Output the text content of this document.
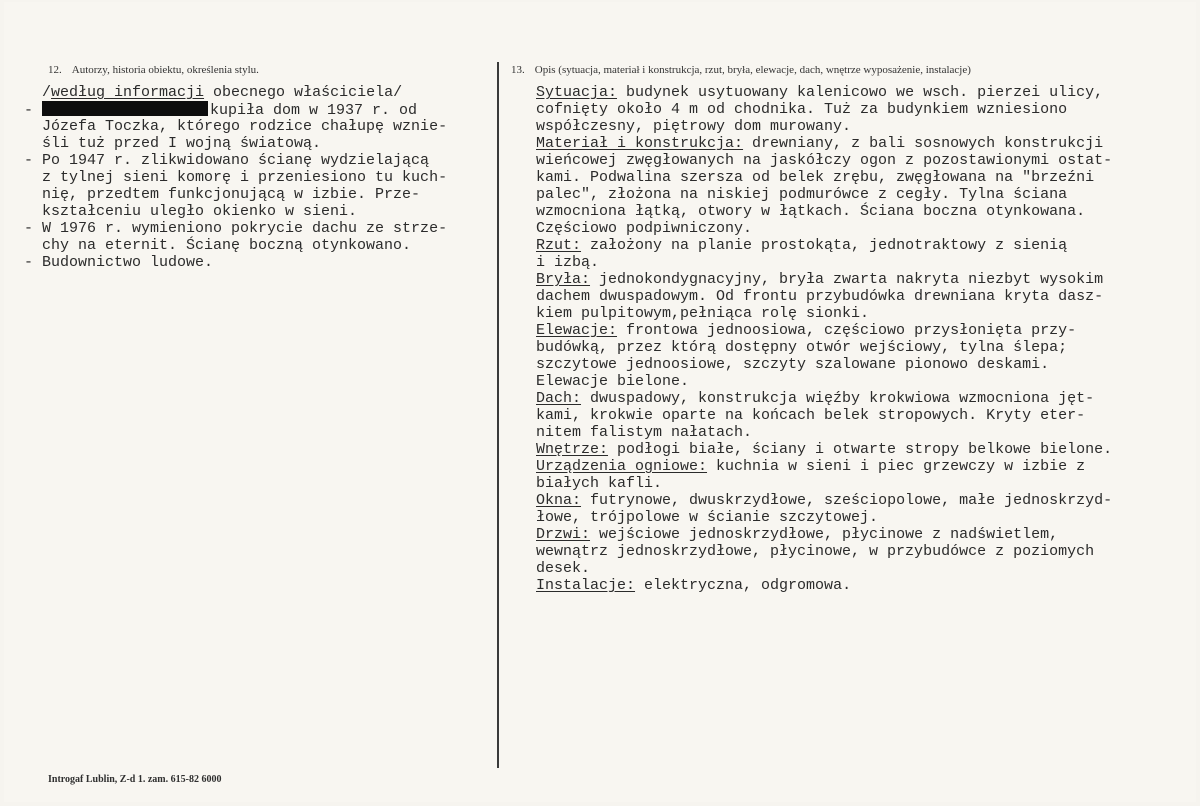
12. Autorzy, historia obiektu, określenia stylu.	13. Opis (sytuacja, materiał i konstrukcja, rzut, bryła, elewacje, dach, wnętrze wyposażenie, instalacje)
/według informacji obecnego właściciela/
-	kupiła dom w 1937 r. od
Józefa Toczka, którego rodzice chałupę wznie-
śli tuż przed I wojną światową.
- Po 1947 r. zlikwidowano ścianę wydzielającą
z tylnej sieni komorę i przeniesiono tu kuch-
nię, przedtem funkcjonującą w izbie. Prze-
kształceniu uległo okienko w sieni.
- W 1976 r. wymieniono pokrycie dachu ze strze-
chy na eternit. Ścianę boczną otynkowano.
- Budownictwo ludowe.
Sytuacja: budynek usytuowany kalenicowo we wsch. pierzei ulicy,
cofnięty około 4 m od chodnika. Tuż za budynkiem wzniesiono
współczesny, piętrowy dom murowany.
Materiał i konstrukcja: drewniany, z bali sosnowych konstrukcji
wieńcowej zwęgłowanych na jaskółczy ogon z pozostawionymi ostat-
kami. Podwalina szersza od belek zrębu, zwęgłowana na "brzeźni
palec", złożona na niskiej podmurówce z cegły. Tylna ściana
wzmocniona łątką, otwory w łątkach. Ściana boczna otynkowana.
Częściowo podpiwniczony.
Rzut: założony na planie prostokąta, jednotraktowy z sienią
i izbą.
Bryła: jednokondygnacyjny, bryła zwarta nakryta niezbyt wysokim
dachem dwuspadowym. Od frontu przybudówka drewniana kryta dasz-
kiem pulpitowym,pełniąca rolę sionki.
Elewacje: frontowa jednoosiowa, częściowo przysłonięta przy-
budówką, przez którą dostępny otwór wejściowy, tylna ślepa;
szczytowe jednoosiowe, szczyty szalowane pionowo deskami.
Elewacje bielone.
Dach: dwuspadowy, konstrukcja więźby krokwiowa wzmocniona jęt-
kami, krokwie oparte na końcach belek stropowych. Kryty eter-
nitem falistym nałatach.
Wnętrze: podłogi białe, ściany i otwarte stropy belkowe bielone.
Urządzenia ogniowe: kuchnia w sieni i piec grzewczy w izbie z
białych kafli.
Okna: futrynowe, dwuskrzydłowe, sześciopolowe, małe jednoskrzyd-
łowe, trójpolowe w ścianie szczytowej.
Drzwi: wejściowe jednoskrzydłowe, płycinowe z nadświetlem,
wewnątrz jednoskrzydłowe, płycinowe, w przybudówce z poziomych
desek.
Instalacje: elektryczna, odgromowa.
Introgaf Lublin, Z-d 1. zam. 615-82 6000
